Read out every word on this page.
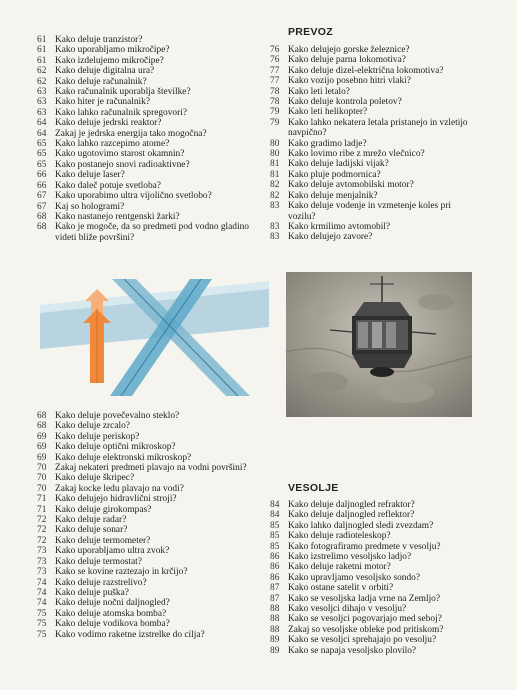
61 Kako deluje tranzistor?
61 Kako uporabljamo mikročipe?
61 Kako izdelujemo mikročipe?
62 Kako deluje digitalna ura?
62 Kako deluje računalnik?
63 Kako računalnik uporablja številke?
63 Kako hiter je računalnik?
63 Kako lahko računalnik spregovori?
64 Kako deluje jedrski reaktor?
64 Zakaj je jedrska energija tako mogočna?
65 Kako lahko razcepimo atome?
65 Kako ugotovimo starost okamnin?
65 Kako postanejo snovi radioaktivne?
66 Kako deluje laser?
66 Kako daleč potuje svetloba?
67 Kako uporabimo ultra vijolično svetlobo?
67 Kaj so hologrami?
68 Kako nastanejo rentgenski žarki?
68 Kako je mogoče, da so predmeti pod vodno gladino videti bliže površini?
PREVOZ
76 Kako delujejo gorske železnice?
76 Kako deluje parna lokomotiva?
77 Kako deluje dizel-električna lokomotiva?
77 Kako vozijo posebno hitri vlaki?
78 Kako leti letalo?
78 Kako deluje kontrola poletov?
79 Kako leti helikopter?
79 Kako lahko nekatera letala pristanejo in vzletijo navpično?
80 Kako gradimo ladje?
80 Kako lovimo ribe z mrežo vlečnico?
81 Kako deluje ladijski vijak?
81 Kako pluje podmornica?
82 Kako deluje avtomobilski motor?
82 Kako deluje menjalnik?
83 Kako deluje vodenje in vzmetenje koles pri vozilu?
83 Kako krmilimo avtomobil?
83 Kako delujejo zavore?
68 Kako deluje povečevalno steklo?
68 Kako deluje zrcalo?
69 Kako deluje periskop?
69 Kako deluje optični mikroskop?
69 Kako deluje elektronski mikroskop?
70 Zakaj nekateri predmeti plavajo na vodni površini?
70 Kako deluje škripec?
70 Zakaj kocke ledu plavajo na vodi?
71 Kako delujejo hidravlični stroji?
71 Kako deluje girokompas?
72 Kako deluje radar?
72 Kako deluje sonar?
72 Kako deluje termometer?
73 Kako uporabljamo ultra zvok?
73 Kako deluje termostat?
73 Kako se kovine raztezajo in krčijo?
74 Kako deluje razstrelivo?
74 Kako deluje puška?
74 Kako deluje nočni daljnogled?
75 Kako deluje atomska bomba?
75 Kako deluje vodikova bomba?
75 Kako vodimo raketne izstrelke do cilja?
VESOLJE
84 Kako deluje daljnogled refraktor?
84 Kako deluje daljnogled reflektor?
85 Kako lahko daljnogled sledi zvezdam?
85 Kako deluje radioteleskop?
85 Kako fotografiramo predmete v vesolju?
86 Kako izstrelimo vesoljsko ladjo?
86 Kako deluje raketni motor?
86 Kako upravljamo vesoljsko sondo?
87 Kako ostane satelit v orbiti?
87 Kako se vesoljska ladja vrne na Zemljo?
88 Kako vesoljci dihajo v vesolju?
88 Kako se vesoljci pogovarjajo med seboj?
88 Zakaj so vesoljske obleke pod pritiskom?
89 Kako se vesoljci sprehajajo po vesolju?
89 Kako se napaja vesoljsko plovilo?
